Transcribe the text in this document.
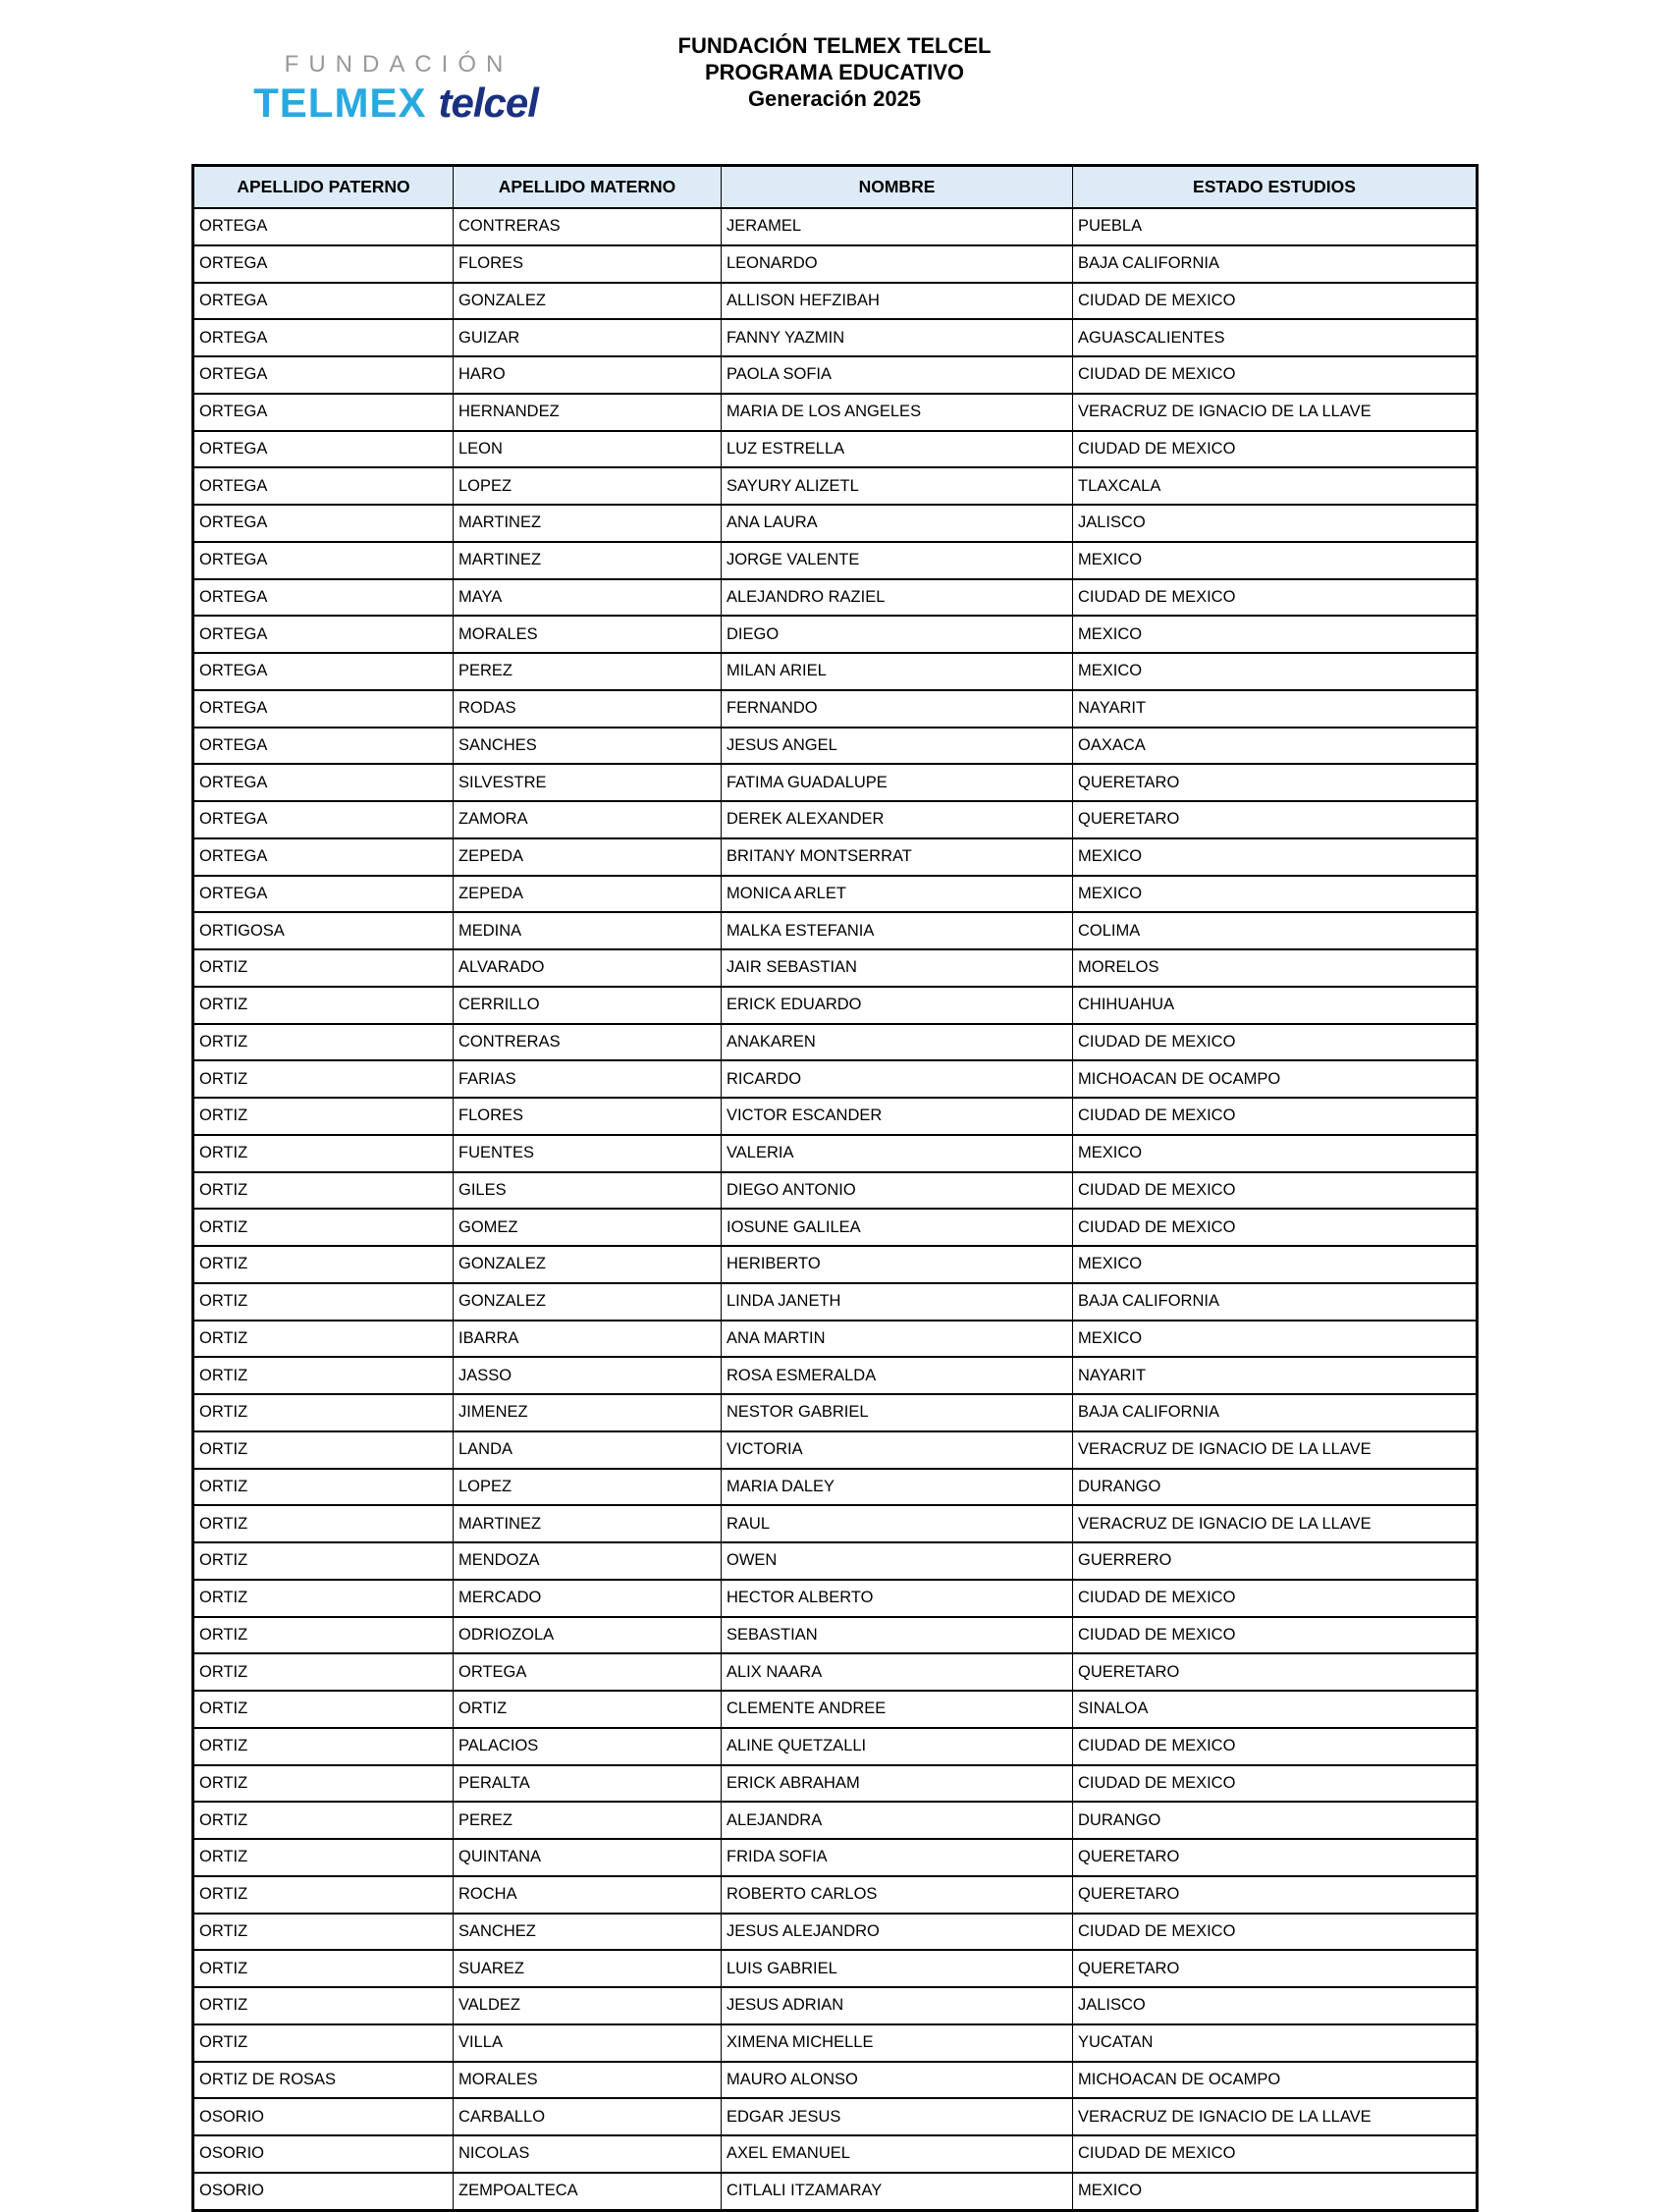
FUNDACIÓN
TELMEX telcel
FUNDACIÓN TELMEX TELCEL
PROGRAMA EDUCATIVO
Generación 2025
APELLIDO PATERNO	APELLIDO MATERNO	NOMBRE	ESTADO ESTUDIOS
ORTEGA	CONTRERAS	JERAMEL	PUEBLA
ORTEGA	FLORES	LEONARDO	BAJA CALIFORNIA
ORTEGA	GONZALEZ	ALLISON HEFZIBAH	CIUDAD DE MEXICO
ORTEGA	GUIZAR	FANNY YAZMIN	AGUASCALIENTES
ORTEGA	HARO	PAOLA SOFIA	CIUDAD DE MEXICO
ORTEGA	HERNANDEZ	MARIA DE LOS ANGELES	VERACRUZ DE IGNACIO DE LA LLAVE
ORTEGA	LEON	LUZ ESTRELLA	CIUDAD DE MEXICO
ORTEGA	LOPEZ	SAYURY ALIZETL	TLAXCALA
ORTEGA	MARTINEZ	ANA LAURA	JALISCO
ORTEGA	MARTINEZ	JORGE VALENTE	MEXICO
ORTEGA	MAYA	ALEJANDRO RAZIEL	CIUDAD DE MEXICO
ORTEGA	MORALES	DIEGO	MEXICO
ORTEGA	PEREZ	MILAN ARIEL	MEXICO
ORTEGA	RODAS	FERNANDO	NAYARIT
ORTEGA	SANCHES	JESUS ANGEL	OAXACA
ORTEGA	SILVESTRE	FATIMA GUADALUPE	QUERETARO
ORTEGA	ZAMORA	DEREK ALEXANDER	QUERETARO
ORTEGA	ZEPEDA	BRITANY MONTSERRAT	MEXICO
ORTEGA	ZEPEDA	MONICA ARLET	MEXICO
ORTIGOSA	MEDINA	MALKA ESTEFANIA	COLIMA
ORTIZ	ALVARADO	JAIR SEBASTIAN	MORELOS
ORTIZ	CERRILLO	ERICK EDUARDO	CHIHUAHUA
ORTIZ	CONTRERAS	ANAKAREN	CIUDAD DE MEXICO
ORTIZ	FARIAS	RICARDO	MICHOACAN DE OCAMPO
ORTIZ	FLORES	VICTOR ESCANDER	CIUDAD DE MEXICO
ORTIZ	FUENTES	VALERIA	MEXICO
ORTIZ	GILES	DIEGO ANTONIO	CIUDAD DE MEXICO
ORTIZ	GOMEZ	IOSUNE GALILEA	CIUDAD DE MEXICO
ORTIZ	GONZALEZ	HERIBERTO	MEXICO
ORTIZ	GONZALEZ	LINDA JANETH	BAJA CALIFORNIA
ORTIZ	IBARRA	ANA MARTIN	MEXICO
ORTIZ	JASSO	ROSA ESMERALDA	NAYARIT
ORTIZ	JIMENEZ	NESTOR GABRIEL	BAJA CALIFORNIA
ORTIZ	LANDA	VICTORIA	VERACRUZ DE IGNACIO DE LA LLAVE
ORTIZ	LOPEZ	MARIA DALEY	DURANGO
ORTIZ	MARTINEZ	RAUL	VERACRUZ DE IGNACIO DE LA LLAVE
ORTIZ	MENDOZA	OWEN	GUERRERO
ORTIZ	MERCADO	HECTOR ALBERTO	CIUDAD DE MEXICO
ORTIZ	ODRIOZOLA	SEBASTIAN	CIUDAD DE MEXICO
ORTIZ	ORTEGA	ALIX NAARA	QUERETARO
ORTIZ	ORTIZ	CLEMENTE ANDREE	SINALOA
ORTIZ	PALACIOS	ALINE QUETZALLI	CIUDAD DE MEXICO
ORTIZ	PERALTA	ERICK ABRAHAM	CIUDAD DE MEXICO
ORTIZ	PEREZ	ALEJANDRA	DURANGO
ORTIZ	QUINTANA	FRIDA SOFIA	QUERETARO
ORTIZ	ROCHA	ROBERTO CARLOS	QUERETARO
ORTIZ	SANCHEZ	JESUS ALEJANDRO	CIUDAD DE MEXICO
ORTIZ	SUAREZ	LUIS GABRIEL	QUERETARO
ORTIZ	VALDEZ	JESUS ADRIAN	JALISCO
ORTIZ	VILLA	XIMENA MICHELLE	YUCATAN
ORTIZ DE ROSAS	MORALES	MAURO ALONSO	MICHOACAN DE OCAMPO
OSORIO	CARBALLO	EDGAR JESUS	VERACRUZ DE IGNACIO DE LA LLAVE
OSORIO	NICOLAS	AXEL EMANUEL	CIUDAD DE MEXICO
OSORIO	ZEMPOALTECA	CITLALI ITZAMARAY	MEXICO
